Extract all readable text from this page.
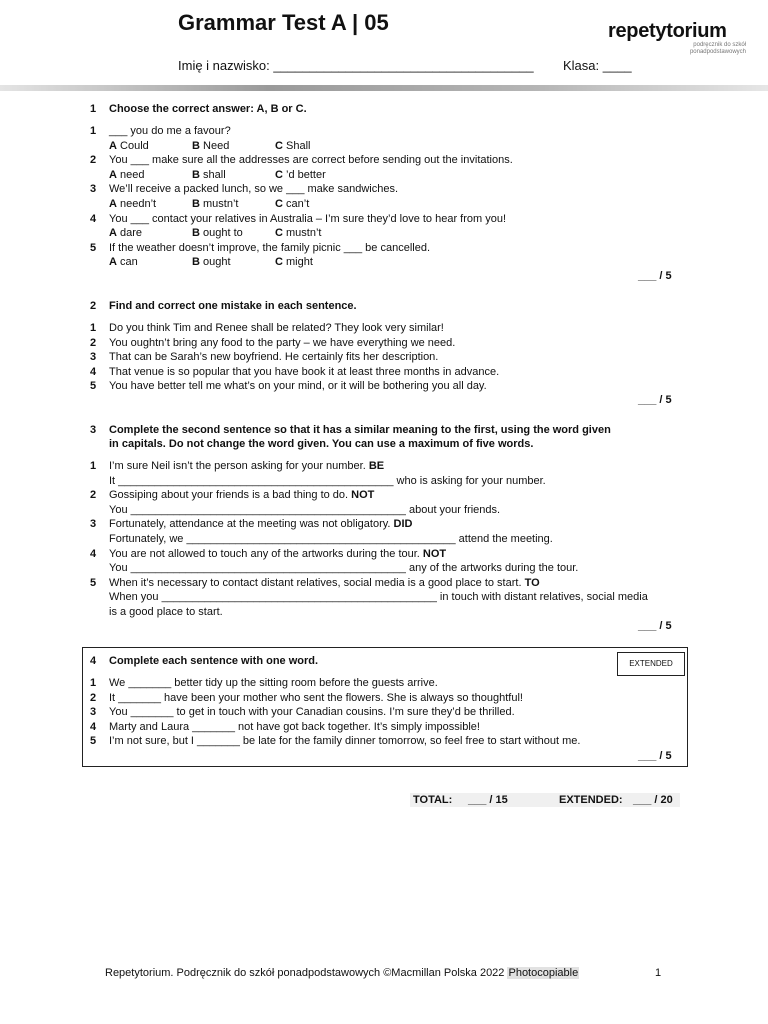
Grammar Test A | 05	repetytorium
podręcznik do szkół
ponadpodstawowych
Imię i nazwisko: ____________________________________ Klasa: ____
1	Choose the correct answer: A, B or C.
1	___ you do me a favour?
A Could	B Need	C Shall
2	You ___ make sure all the addresses are correct before sending out the invitations.
A need	B shall	C ’d better
3	We’ll receive a packed lunch, so we ___ make sandwiches.
A needn’t	B mustn’t	C can’t
4	You ___ contact your relatives in Australia – I’m sure they’d love to hear from you!
A dare	B ought to	C mustn’t
5	If the weather doesn’t improve, the family picnic ___ be cancelled.
A can	B ought	C might
___ / 5
2	Find and correct one mistake in each sentence.
1	Do you think Tim and Renee shall be related? They look very similar!
2	You oughtn’t bring any food to the party – we have everything we need.
3	That can be Sarah’s new boyfriend. He certainly fits her description.
4	That venue is so popular that you have book it at least three months in advance.
5	You have better tell me what’s on your mind, or it will be bothering you all day.
___ / 5
3	Complete the second sentence so that it has a similar meaning to the first, using the word given
in capitals. Do not change the word given. You can use a maximum of five words.
1	I’m sure Neil isn’t the person asking for your number. BE
It _____________________________________________ who is asking for your number.
2	Gossiping about your friends is a bad thing to do. NOT
You _____________________________________________ about your friends.
3	Fortunately, attendance at the meeting was not obligatory. DID
Fortunately, we ____________________________________________ attend the meeting.
4	You are not allowed to touch any of the artworks during the tour. NOT
You _____________________________________________ any of the artworks during the tour.
5	When it’s necessary to contact distant relatives, social media is a good place to start. TO
When you _____________________________________________ in touch with distant relatives, social media
is a good place to start.
___ / 5
EXTENDED
4	Complete each sentence with one word.
1	We _______ better tidy up the sitting room before the guests arrive.
2	It _______ have been your mother who sent the flowers. She is always so thoughtful!
3	You _______ to get in touch with your Canadian cousins. I’m sure they’d be thrilled.
4	Marty and Laura _______ not have got back together. It’s simply impossible!
5	I’m not sure, but I _______ be late for the family dinner tomorrow, so feel free to start without me.
___ / 5
TOTAL: ___ / 15	EXTENDED: ___ / 20
Repetytorium. Podręcznik do szkół ponadpodstawowych ©Macmillan Polska 2022 Photocopiable	1
